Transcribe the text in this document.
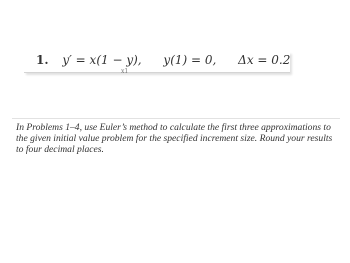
1. y′ = x(1 − y), y(1) = 0, Δx = 0.2
x1
In Problems 1–4, use Euler’s method to calculate the first three approximations to the given initial value problem for the specified increment size. Round your results to four decimal places.
